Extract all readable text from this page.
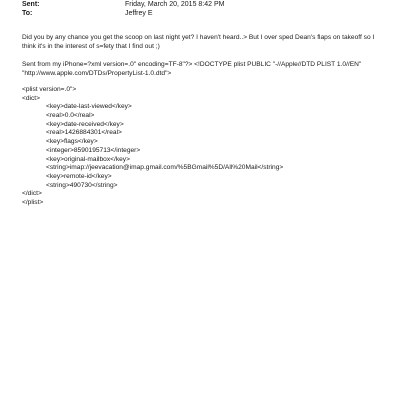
Sent:	Friday, March 20, 2015 8:42 PM
To:	Jeffrey E
Did you by any chance you get the scoop on last night yet? I haven't heard..> But I over sped Dean's flaps on takeoff so I
think it's in the interest of s=fety that I find out ;)
Sent from my iPhone=?xml version=.0" encoding=TF-8"?> <!DOCTYPE plist PUBLIC "-//Apple//DTD PLIST 1.0//EN"
"http://www.apple.com/DTDs/PropertyList-1.0.dtd">
<plist version=.0">
<dict>
<key>date-last-viewed</key>
<real>0.0</real>
<key>date-received</key>
<real>1426884301</real>
<key>flags</key>
<integer>8590195713</integer>
<key>original-mailbox</key>
<string>imap://jeevacation@imap.gmail.com/%5BGmail%5D/All%20Mail</string>
<key>remote-id</key>
<string>490730</string>
</dict>
</plist>
